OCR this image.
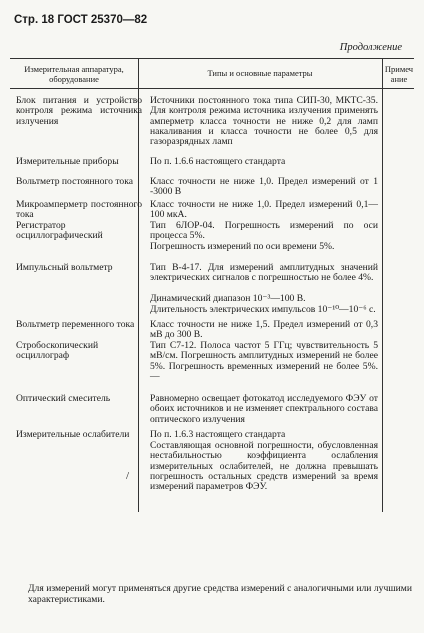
Стр. 18 ГОСТ 25370—82
Продолжение
Измерительная аппаратура, оборудование
Типы и основные параметры	Примечание
Блок питания и устройство контроля режима источника излучения
Измерительные приборы
Вольтметр постоянного тока
Микроамперметр постоянного тока
Регистратор осциллографический
Импульсный вольтметр
Вольтметр переменного тока
Стробоскопический осциллограф
Оптический смеситель
Измерительные ослабители
/
Источники постоянного тока типа СИП-30, МКТС-35. Для контроля режима источника излучения применять амперметр класса точности не ниже 0,2 для ламп накаливания и класса точности не более 0,5 для газоразрядных ламп
По п. 1.6.6 настоящего стандарта
Класс точности не ниже 1,0. Предел измерений от 1 -3000 В
Класс точности не ниже 1,0. Предел измерений 0,1—100 мкА.
Тип 6ЛОР-04. Погрешность измерений по оси процесса 5%.
Погрешность измерений по оси времени 5%.
Тип В-4-17. Для измерений амплитудных значений электрических сигналов с погрешностью не более 4%.
Динамический диапазон 10⁻³—100 В.
Длительность электрических импульсов 10⁻¹⁰—10⁻⁶ с.
Класс точности не ниже 1,5. Предел измерений от 0,3 мВ до 300 В.
Тип С7-12. Полоса частот 5 ГГц; чувствительность 5 мВ/см. Погрешность амплитудных измерений не более 5%. Погрешность временных измерений не более 5%. —
Равномерно освещает фотокатод исследуемого ФЭУ от обоих источников и не изменяет спектрального состава оптического излучения
По п. 1.6.3 настоящего стандарта
Составляющая основной погрешности, обусловленная нестабильностью коэффициента ослабления измерительных ослабителей, не должна превышать погрешность остальных средств измерений за время измерений параметров ФЭУ.
Для измерений могут применяться другие средства измерений с аналогичными или лучшими характеристиками.
